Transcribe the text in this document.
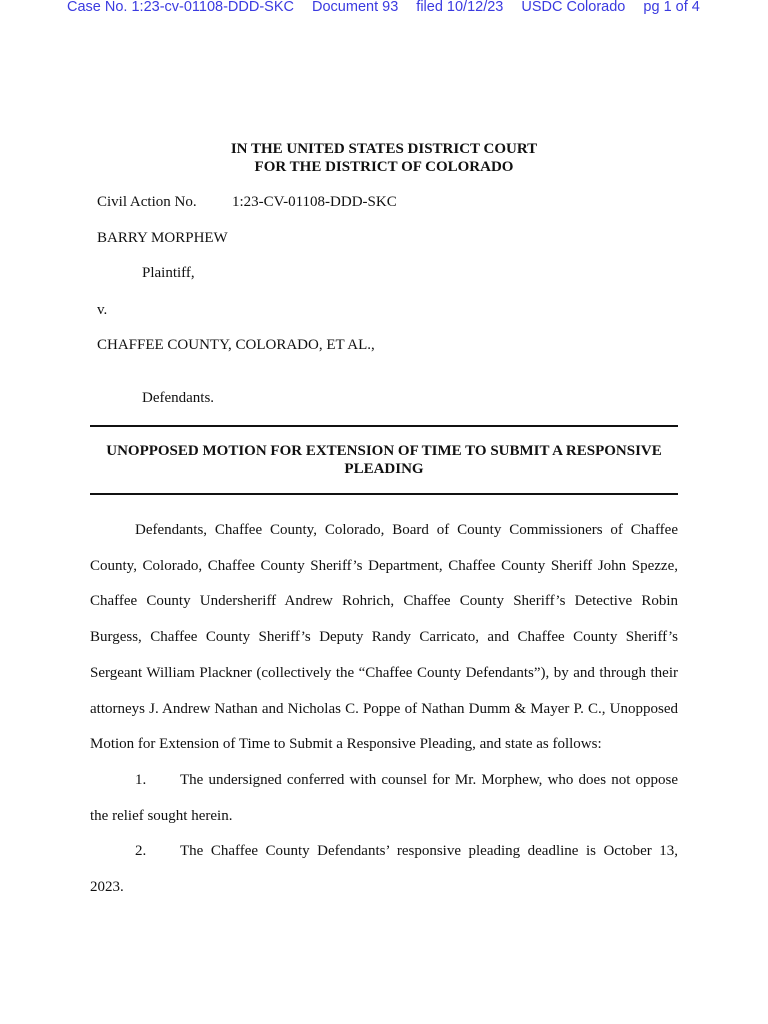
Case No. 1:23-cv-01108-DDD-SKC Document 93 filed 10/12/23 USDC Colorado pg 1 of 4
IN THE UNITED STATES DISTRICT COURT
FOR THE DISTRICT OF COLORADO
Civil Action No. 1:23-CV-01108-DDD-SKC
BARRY MORPHEW
Plaintiff,
v.
CHAFFEE COUNTY, COLORADO, ET AL.,
Defendants.
UNOPPOSED MOTION FOR EXTENSION OF TIME TO SUBMIT A RESPONSIVE PLEADING

Defendants, Chaffee County, Colorado, Board of County Commissioners of Chaffee County, Colorado, Chaffee County Sheriff’s Department, Chaffee County Sheriff John Spezze, Chaffee County Undersheriff Andrew Rohrich, Chaffee County Sheriff’s Detective Robin Burgess, Chaffee County Sheriff’s Deputy Randy Carricato, and Chaffee County Sheriff’s Sergeant William Plackner (collectively the “Chaffee County Defendants”), by and through their attorneys J. Andrew Nathan and Nicholas C. Poppe of Nathan Dumm & Mayer P. C., Unopposed Motion for Extension of Time to Submit a Responsive Pleading, and state as follows:

1. The undersigned conferred with counsel for Mr. Morphew, who does not oppose the relief sought herein.

2. The Chaffee County Defendants’ responsive pleading deadline is October 13, 2023.
